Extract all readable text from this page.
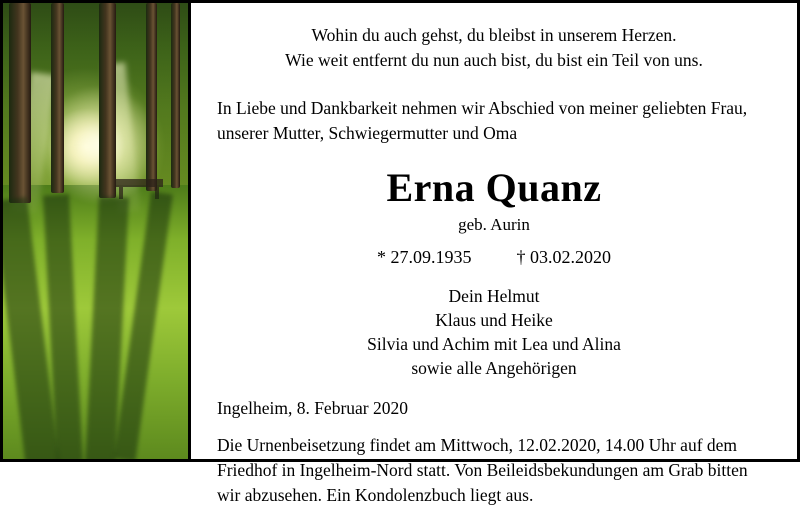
Wohin du auch gehst, du bleibst in unserem Herzen.
Wie weit entfernt du nun auch bist, du bist ein Teil von uns.
In Liebe und Dankbarkeit nehmen wir Abschied von meiner geliebten Frau, unserer Mutter, Schwiegermutter und Oma
Erna Quanz
geb. Aurin
* 27.09.1935	† 03.02.2020
Dein Helmut
Klaus und Heike
Silvia und Achim mit Lea und Alina
sowie alle Angehörigen
Ingelheim, 8. Februar 2020
Die Urnenbeisetzung findet am Mittwoch, 12.02.2020, 14.00 Uhr auf dem Friedhof in Ingelheim-Nord statt. Von Beileidsbekundungen am Grab bitten wir abzusehen. Ein Kondolenzbuch liegt aus.
